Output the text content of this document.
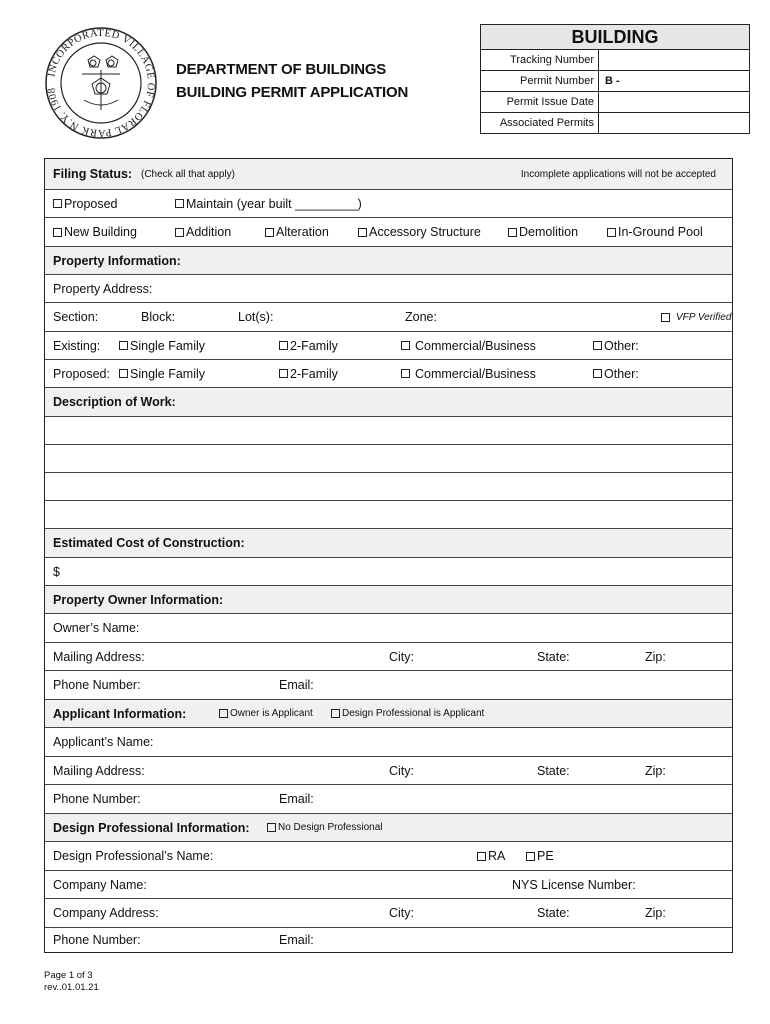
INCORPORATED VILLAGE OF FLORAL PARK N.Y. 1908
DEPARTMENT OF BUILDINGS
BUILDING PERMIT APPLICATION
BUILDING
Tracking Number
Permit Number	B -
Permit Issue Date
Associated Permits
Filing Status: (Check all that apply)	Incomplete applications will not be accepted
Proposed	Maintain (year built _________)
New Building	Addition	Alteration	Accessory Structure	Demolition	In-Ground Pool
Property Information:
Property Address:
Section:	Block:	Lot(s):	Zone:	VFP Verified
Existing: Single Family	2-Family	Commercial/Business	Other:
Proposed: Single Family	2-Family	Commercial/Business	Other:
Description of Work:
Estimated Cost of Construction:
$
Property Owner Information:
Owner’s Name:
Mailing Address:	City:	State:	Zip:
Phone Number:	Email:
Applicant Information:	Owner is Applicant	Design Professional is Applicant
Applicant’s Name:
Mailing Address:	City:	State:	Zip:
Phone Number:	Email:
Design Professional Information:	No Design Professional
Design Professional’s Name:	RA	PE
Company Name:	NYS License Number:
Company Address:	City:	State:	Zip:
Phone Number:	Email:
Page 1 of 3
rev..01.01.21
